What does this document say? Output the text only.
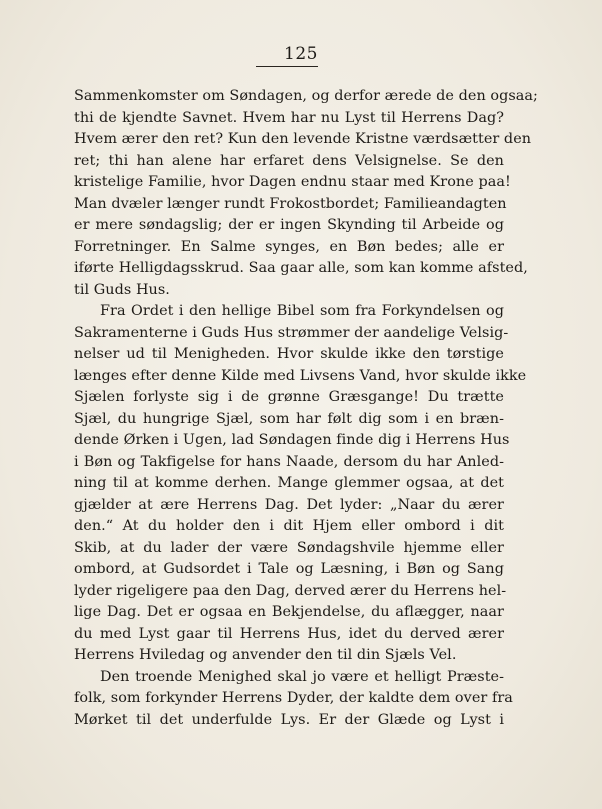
125
Sammenkomster om Søndagen, og derfor ærede de den ogsaa;
thi de kjendte Savnet. Hvem har nu Lyst til Herrens Dag?
Hvem ærer den ret? Kun den levende Kristne værdsætter den
ret; thi han alene har erfaret dens Velsignelse. Se den
kristelige Familie, hvor Dagen endnu staar med Krone paa!
Man dvæler længer rundt Frokostbordet; Familieandagten
er mere søndagslig; der er ingen Skynding til Arbeide og
Forretninger. En Salme synges, en Bøn bedes; alle er
iførte Helligdagsskrud. Saa gaar alle, som kan komme afsted,
til Guds Hus.
Fra Ordet i den hellige Bibel som fra Forkyndelsen og
Sakramenterne i Guds Hus strømmer der aandelige Velsig-
nelser ud til Menigheden. Hvor skulde ikke den tørstige
længes efter denne Kilde med Livsens Vand, hvor skulde ikke
Sjælen forlyste sig i de grønne Græsgange! Du trætte
Sjæl, du hungrige Sjæl, som har følt dig som i en bræn-
dende Ørken i Ugen, lad Søndagen finde dig i Herrens Hus
i Bøn og Takfigelse for hans Naade, dersom du har Anled-
ning til at komme derhen. Mange glemmer ogsaa, at det
gjælder at ære Herrens Dag. Det lyder: „Naar du ærer
den.“ At du holder den i dit Hjem eller ombord i dit
Skib, at du lader der være Søndagshvile hjemme eller
ombord, at Gudsordet i Tale og Læsning, i Bøn og Sang
lyder rigeligere paa den Dag, derved ærer du Herrens hel-
lige Dag. Det er ogsaa en Bekjendelse, du aflægger, naar
du med Lyst gaar til Herrens Hus, idet du derved ærer
Herrens Hviledag og anvender den til din Sjæls Vel.
Den troende Menighed skal jo være et helligt Præste-
folk, som forkynder Herrens Dyder, der kaldte dem over fra
Mørket til det underfulde Lys. Er der Glæde og Lyst i
